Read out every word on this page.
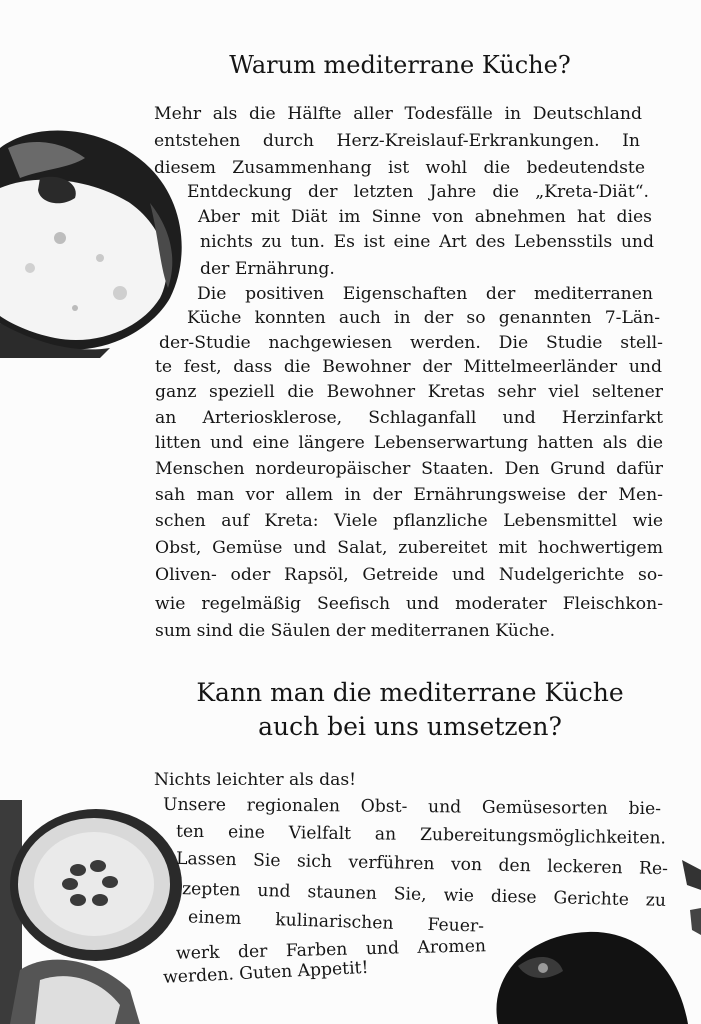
Warum mediterrane Küche?

Mehr als die Hälfte aller Todesfälle in Deutschland

entstehen durch Herz-Kreislauf-Erkrankungen. In

diesem Zusammenhang ist wohl die bedeutendste

Entdeckung der letzten Jahre die „Kreta-Diät“.

Aber mit Diät im Sinne von abnehmen hat dies

nichts zu tun. Es ist eine Art des Lebensstils und

der Ernährung.

Die positiven Eigenschaften der mediterranen

Küche konnten auch in der so genannten 7-Län-

der-Studie nachgewiesen werden. Die Studie stell-

te fest, dass die Bewohner der Mittelmeerländer und

ganz speziell die Bewohner Kretas sehr viel seltener

an Arteriosklerose, Schlaganfall und Herzinfarkt

litten und eine längere Lebenserwartung hatten als die

Menschen nordeuropäischer Staaten. Den Grund dafür

sah man vor allem in der Ernährungsweise der Men-

schen auf Kreta: Viele pflanzliche Lebensmittel wie

Obst, Gemüse und Salat, zubereitet mit hochwertigem

Oliven- oder Rapsöl, Getreide und Nudelgerichte so-

wie regelmäßig Seefisch und moderater Fleischkon-

sum sind die Säulen der mediterranen Küche.

Kann man die mediterrane Küche
auch bei uns umsetzen?

Nichts leichter als das!

Unsere regionalen Obst- und Gemüsesorten bie-

ten eine Vielfalt an Zubereitungsmöglichkeiten.

Lassen Sie sich verführen von den leckeren Re-

zepten und staunen Sie, wie diese Gerichte zu

einem kulinarischen Feuer-

werk der Farben und Aromen

werden. Guten Appetit!
